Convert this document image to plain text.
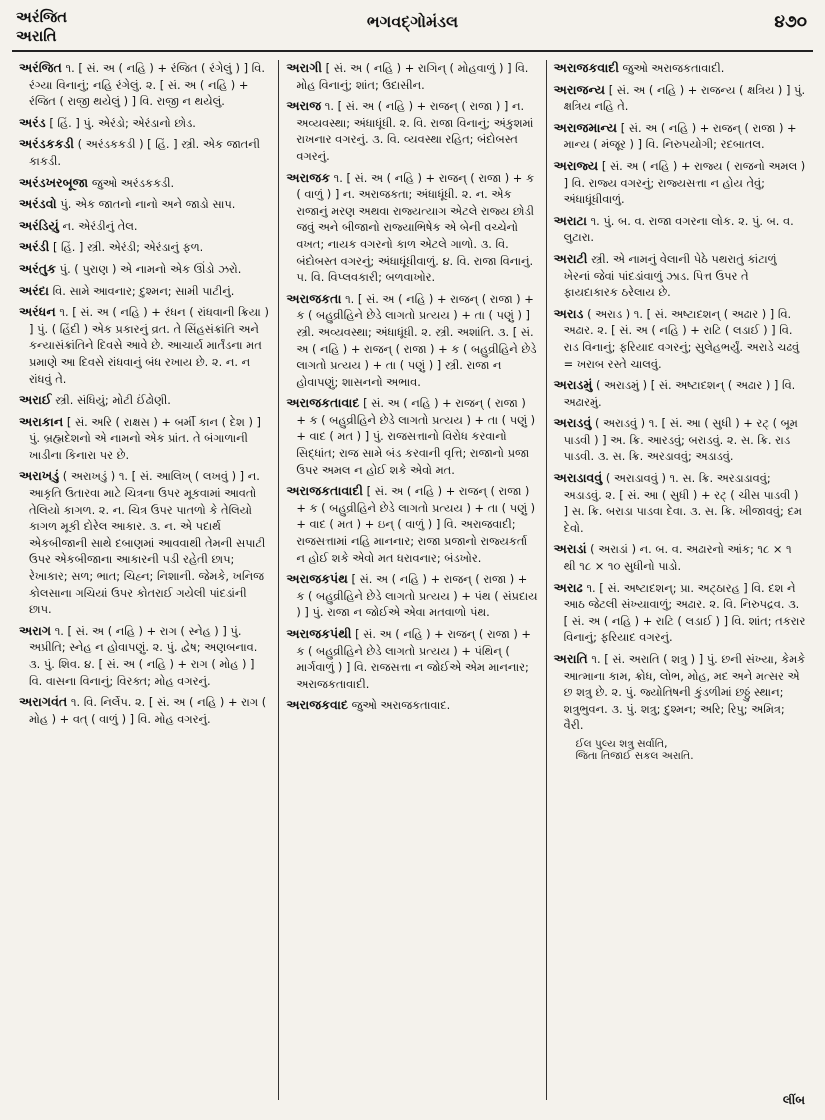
અરંજિત
અરાતિ
ભગવદ્ગોમંડલ	૪૭૦

અરંજિત ૧. [ સં. અ ( નહિ ) + રંજિત ( રંગેલું ) ] વિ. રંગ્યા વિનાનું; નહિ રંગેલું. ૨. [ સં. અ ( નહિ ) + રંજિત ( રાજી થયેલું ) ] વિ. રાજી ન થયેલું.

અરંડ [ હિં. ] પું. એરંડો; એરંડાનો છોડ.

અરંડકકડી ( અરંડકકડી ) [ હિં. ] સ્ત્રી. એક જાતની કાકડી.

અરંડખરબૂજા જુઓ અરંડકકડી.

અરંડવો પું. એક જાતનો નાનો અને જાડો સાપ.

અરંડિયું ન. એરંડીનું તેલ.

અરંડી [ હિં. ] સ્ત્રી. એરંડી; એરંડાનું ફળ.

અરંતુક પું. ( પુરાણ ) એ નામનો એક ઊંડો ઝરો.

અરંદા વિ. સામે આવનાર; દુશ્મન; સામી પાટીનું.

અરંધન ૧. [ સં. અ ( નહિ ) + રંધન ( રાંધવાની ક્રિયા ) ] પું. ( હિંદી ) એક પ્રકારનું વ્રત. તે સિંહસંક્રાંતિ અને કન્યાસંક્રાંતિને દિવસે આવે છે. આચાર્ય માર્તંડના મત પ્રમાણે આ દિવસે રાંધવાનું બંધ રખાય છે. ૨. ન. ન રાંધવું તે.

અરાઈ સ્ત્રી. સંધિયું; મોટી ઈંઢોણી.

અરાકાન [ સં. અરિ ( રાક્ષસ ) + બર્મી કાન ( દેશ ) ] પું. બ્રહ્મદેશનો એ નામનો એક પ્રાંત. તે બંગાળાની ખાડીના કિનારા પર છે.

અરાખડું ( અરાખડું ) ૧. [ સં. આલિખ્ ( લખવું ) ] ન. આકૃતિ ઉતારવા માટે ચિત્રના ઉપર મૂકવામાં આવતો તેલિયો કાગળ. ૨. ન. ચિત્ર ઉપર પાતળો કે તેલિયો કાગળ મૂકી દોરેલ આકાર. ૩. ન. એ પદાર્થ એકબીજાની સાથે દબાણમાં આવવાથી તેમની સપાટી ઉપર એકબીજાના આકારની પડી રહેતી છાપ; રેખાકાર; સળ; ભાત; ચિહ્ન; નિશાની. જેમકે, ખનિજ કોલસાના ગચિયાં ઉપર કોતરાઈ ગયેલી પાંદડાંની છાપ.

અરાગ ૧. [ સં. અ ( નહિ ) + રાગ ( સ્નેહ ) ] પું. અપ્રીતિ; સ્નેહ ન હોવાપણું. ૨. પું. દ્વેષ; અણબનાવ. ૩. પું. શિવ. ૪. [ સં. અ ( નહિ ) + રાગ ( મોહ ) ] વિ. વાસના વિનાનું; વિરક્ત; મોહ વગરનું.

અરાગવંત ૧. વિ. નિર્લેપ. ૨. [ સં. અ ( નહિ ) + રાગ ( મોહ ) + વત્ ( વાળું ) ] વિ. મોહ વગરનું.

અરાગી [ સં. અ ( નહિ ) + રાગિન્ ( મોહવાળું ) ] વિ. મોહ વિનાનું; શાંત; ઉદાસીન.

અરાજ ૧. [ સં. અ ( નહિ ) + રાજન્ ( રાજા ) ] ન. અવ્યવસ્થા; અંધાધૂંધી. ૨. વિ. રાજા વિનાનું; અંકુશમાં રાખનાર વગરનું. ૩. વિ. વ્યવસ્થા રહિત; બંદોબસ્ત વગરનું.

અરાજક ૧. [ સં. અ ( નહિ ) + રાજન્ ( રાજા ) + ક ( વાળું ) ] ન. અરાજકતા; અંધાધૂંધી. ૨. ન. એક રાજાનું મરણ અથવા રાજ્યત્યાગ એટલે રાજ્ય છોડી જવું અને બીજાનો રાજ્યાભિષેક એ બેની વચ્ચેનો વખત; નાયક વગરનો કાળ એટલે ગાળો. ૩. વિ. બંદોબસ્ત વગરનું; અંધાધૂંધીવાળું. ૪. વિ. રાજા વિનાનું. ૫. વિ. વિપ્લવકારી; બળવાખોર.

અરાજકતા ૧. [ સં. અ ( નહિ ) + રાજન્ ( રાજા ) + ક ( બહુવ્રીહિને છેડે લાગતો પ્રત્યય ) + તા ( પણું ) ] સ્ત્રી. અવ્યવસ્થા; અંધાધૂંધી. ૨. સ્ત્રી. અશાંતિ. ૩. [ સં. અ ( નહિ ) + રાજન્ ( રાજા ) + ક ( બહુવ્રીહિને છેડે લાગતો પ્રત્યય ) + તા ( પણું ) ] સ્ત્રી. રાજા ન હોવાપણું; શાસનનો અભાવ.

અરાજકતાવાદ [ સં. અ ( નહિ ) + રાજન્ ( રાજા ) + ક ( બહુવ્રીહિને છેડે લાગતો પ્રત્યય ) + તા ( પણું ) + વાદ ( મત ) ] પું. રાજસત્તાનો વિરોધ કરવાનો સિદ્ધાંત; રાજ સામે બંડ કરવાની વૃત્તિ; રાજાનો પ્રજા ઉપર અમલ ન હોઈ શકે એવો મત.

અરાજકતાવાદી [ સં. અ ( નહિ ) + રાજન્ ( રાજા ) + ક ( બહુવ્રીહિને છેડે લાગતો પ્રત્યય ) + તા ( પણું ) + વાદ ( મત ) + ઇન્ ( વાળું ) ] વિ. અરાજવાદી; રાજસત્તામાં નહિ માનનાર; રાજા પ્રજાનો રાજ્યકર્તા ન હોઈ શકે એવો મત ધરાવનાર; બંડખોર.

અરાજકપંથ [ સં. અ ( નહિ ) + રાજન્ ( રાજા ) + ક ( બહુવ્રીહિને છેડે લાગતો પ્રત્યય ) + પંથ ( સંપ્રદાય ) ] પું. રાજા ન જોઈએ એવા મતવાળો પંથ.

અરાજકપંથી [ સં. અ ( નહિ ) + રાજન્ ( રાજા ) + ક ( બહુવ્રીહિને છેડે લાગતો પ્રત્યય ) + પંથિન્ ( માર્ગવાળું ) ] વિ. રાજસત્તા ન જોઈએ એમ માનનાર; અરાજકતાવાદી.

અરાજકવાદ જુઓ અરાજકતાવાદ.

અરાજકવાદી જુઓ અરાજકતાવાદી.

અરાજન્ય [ સં. અ ( નહિ ) + રાજન્ય ( ક્ષત્રિય ) ] પું. ક્ષત્રિય નહિ તે.

અરાજમાન્ય [ સં. અ ( નહિ ) + રાજન્ ( રાજા ) + માન્ય ( મંજૂર ) ] વિ. નિરુપયોગી; રદબાતલ.

અરાજ્ય [ સં. અ ( નહિ ) + રાજ્ય ( રાજનો અમલ ) ] વિ. રાજ્ય વગરનું; રાજ્યસત્તા ન હોય તેવું; અંધાધૂંધીવાળું.

અરાટા ૧. પું. બ. વ. રાજા વગરના લોક. ૨. પું. બ. વ. લુટારા.

અરાટી સ્ત્રી. એ નામનું વેલાની પેઠે પથરાતું કાંટાળું ખેરનાં જેવાં પાંદડાંવાળું ઝાડ. પિત્ત ઉપર તે ફાયદાકારક ઠરેલાય છે.

અરાડ ( અરાડ ) ૧. [ સં. અષ્ટાદશન્ ( અઢાર ) ] વિ. અઢાર. ૨. [ સં. અ ( નહિ ) + રાટિ ( લડાઈ ) ] વિ. રાડ વિનાનું; ફરિયાદ વગરનું; સુલેહભર્યું. અરાડે ચઢવું = ખરાબ રસ્તે ચાલવું.

અરાડમું ( અરાડમું ) [ સં. અષ્ટાદશન્ ( અઢાર ) ] વિ. અઢારમું.

અરાડવું ( અરાડવું ) ૧. [ સં. આ ( સુધી ) + રટ્ ( બૂમ પાડવી ) ] અ. ક્રિ. આરડવું; બરાડવું. ૨. સ. ક્રિ. રાડ પાડવી. ૩. સ. ક્રિ. અરડાવવું; અડાડવું.

અરાડાવવું ( અરાડાવવું ) ૧. સ. ક્રિ. અરડાડાવવું; અડાડવું. ૨. [ સં. આ ( સુધી ) + રટ્ ( ચીસ પાડવી ) ] સ. ક્રિ. બરાડા પાડવા દેવા. ૩. સ. ક્રિ. ખીજાવવું; દમ દેવો.

અરાડાં ( અરાડાં ) ન. બ. વ. અઢારનો આંક; ૧૮ × ૧ થી ૧૮ × ૧૦ સુધીનો પાડો.

અરાઢ ૧. [ સં. અષ્ટાદશન્; પ્રા. અટ્ઠારહ ] વિ. દશ ને આઠ જેટલી સંખ્યાવાળું; અઢાર. ૨. વિ. નિરુપદ્રવ. ૩. [ સં. અ ( નહિ ) + રાટિ ( લડાઈ ) ] વિ. શાંત; તકરાર વિનાનું; ફરિયાદ વગરનું.

અરાતિ ૧. [ સં. અરાતિ ( શત્રુ ) ] પું. છની સંખ્યા, કેમકે આત્માના કામ, ક્રોધ, લોભ, મોહ, મદ અને મત્સર એ છ શત્રુ છે. ૨. પું. જ્યોતિષની કુંડળીમાં છઠ્ઠું સ્થાન; શત્રુભુવન. ૩. પું. શત્રુ; દુશ્મન; અરિ; રિપુ; અમિત્ર; વૈરી.

ઈલ પુલ્ય શત્રુ સર્વાતિ,
જિતા તિજાઈ સકલ અરાતિ.
લીંબ
